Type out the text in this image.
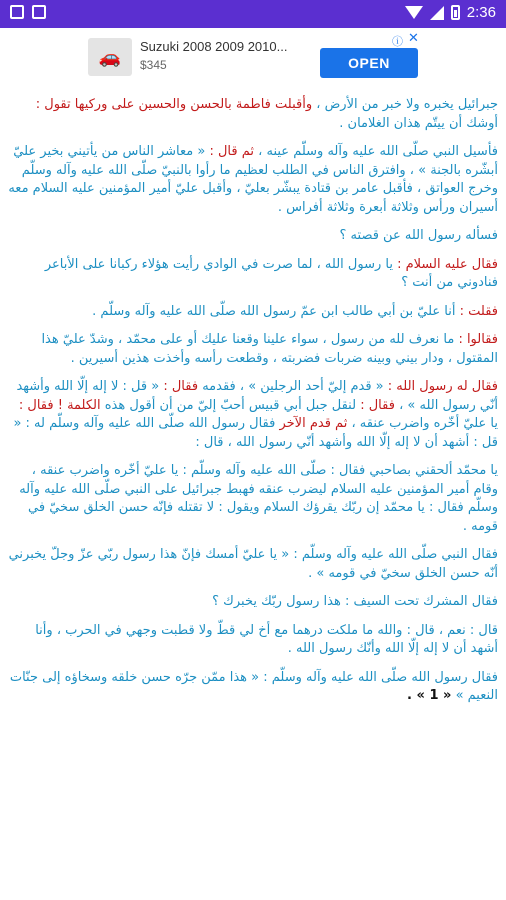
2:36
🚗	Suzuki 2008 2009 2010...
$345
ⓘ ✕
OPEN

جبرائيل يخبره ولا خبر من الأرض ، وأقبلت فاطمة بالحسن والحسين على وركيها تقول : أوشك أن ييتّم هذان الغلامان .

فأسيل النبي صلّى الله عليه وآله وسلّم عينه ، ثم قال : « معاشر الناس من يأتيني بخير عليّ أبشّره بالجنة » ، وافترق الناس في الطلب لعظيم ما رأوا بالنبيّ صلّى الله عليه وآله وسلّم وخرج العواتق ، فأقبل عامر بن قتادة يبشّر بعليّ ، وأقبل عليّ أمير المؤمنين عليه السلام معه أسيران ورأس وثلاثة أبعرة وثلاثة أفراس .

فسأله رسول الله عن قصته ؟

فقال عليه السلام : يا رسول الله ، لما صرت في الوادي رأيت هؤلاء ركبانا على الأباعر فنادوني من أنت ؟

فقلت : أنا عليّ بن أبي طالب ابن عمّ رسول الله صلّى الله عليه وآله وسلّم .

فقالوا : ما نعرف لله من رسول ، سواء علينا وقعنا عليك أو على محمّد ، وشدّ عليّ هذا المقتول ، ودار بيني وبينه ضربات فضربته ، وقطعت رأسه وأخذت هذين أسيرين .

فقال له رسول الله : « قدم إليّ أحد الرجلين » ، فقدمه فقال : « قل : لا إله إلّا الله وأشهد أنّي رسول الله » ، فقال : لنقل جبل أبي قبيس أحبّ إليّ من أن أقول هذه الكلمة ! فقال : يا عليّ أخّره واضرب عنقه ، ثم قدم الآخر فقال رسول الله صلّى الله عليه وآله وسلّم له : « قل : أشهد أن لا إله إلّا الله وأشهد أنّي رسول الله ، قال :

يا محمّد ألحقني بصاحبي فقال : صلّى الله عليه وآله وسلّم : يا عليّ أخّره واضرب عنقه ، وقام أمير المؤمنين عليه السلام ليضرب عنقه فهبط جبرائيل على النبي صلّى الله عليه وآله وسلّم فقال : يا محمّد إن ربّك يقرؤك السلام ويقول : لا تقتله فإنّه حسن الخلق سخيّ في قومه .

فقال النبي صلّى الله عليه وآله وسلّم : « يا عليّ أمسك فإنّ هذا رسول ربّي عزّ وجلّ يخبرني أنّه حسن الخلق سخيّ في قومه » .

فقال المشرك تحت السيف : هذا رسول ربّك يخبرك ؟

قال : نعم ، قال : والله ما ملكت درهما مع أخ لي قطّ ولا قطبت وجهي في الحرب ، وأنا أشهد أن لا إله إلّا الله وأنّك رسول الله .

فقال رسول الله صلّى الله عليه وآله وسلّم : « هذا ممّن جرّه حسن خلقه وسخاؤه إلى جنّات النعيم » « 1 » .
